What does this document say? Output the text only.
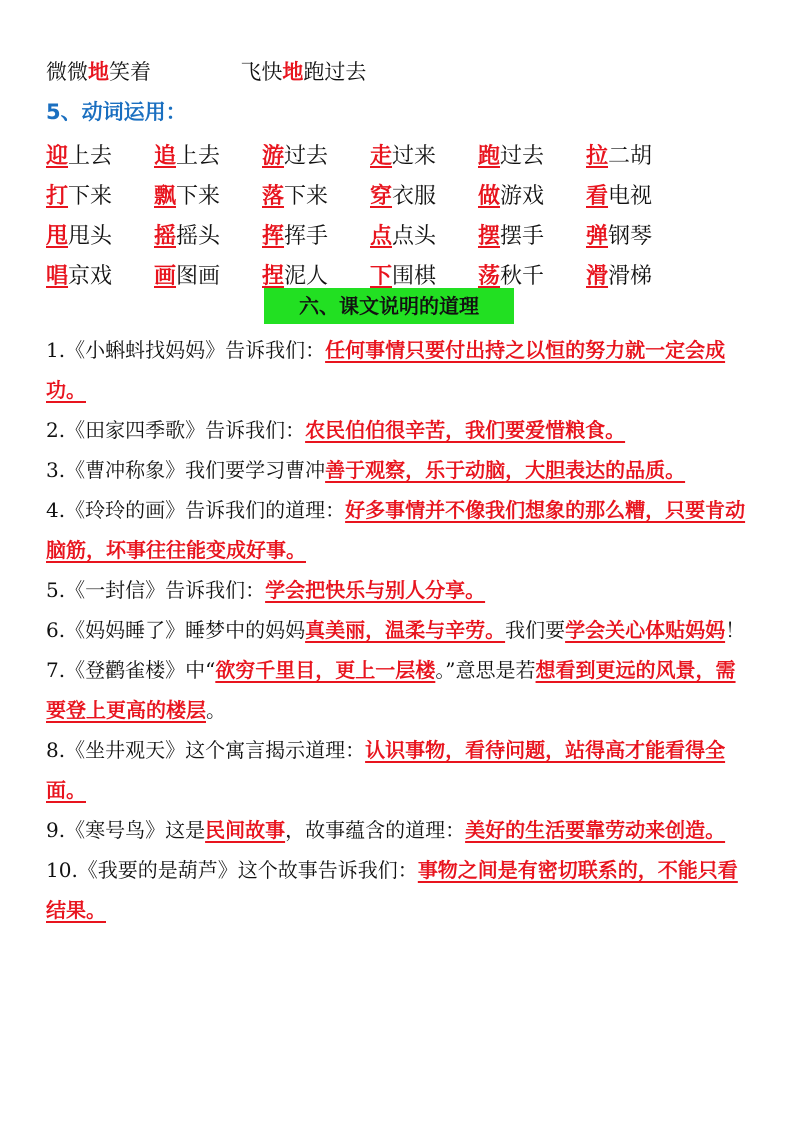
微微地笑着	飞快地跑过去
5、动词运用：
迎上去	追上去	游过去	走过来	跑过去	拉二胡
打下来	飘下来	落下来	穿衣服	做游戏	看电视
甩甩头	摇摇头	挥挥手	点点头	摆摆手	弹钢琴
唱京戏	画图画	捏泥人	下围棋	荡秋千	滑滑梯
六、课文说明的道理
1.《小蝌蚪找妈妈》告诉我们：任何事情只要付出持之以恒的努力就一定会成功。
2.《田家四季歌》告诉我们：农民伯伯很辛苦，我们要爱惜粮食。
3.《曹冲称象》我们要学习曹冲善于观察，乐于动脑，大胆表达的品质。
4.《玲玲的画》告诉我们的道理：好多事情并不像我们想象的那么糟，只要肯动脑筋，坏事往往能变成好事。
5.《一封信》告诉我们：学会把快乐与别人分享。
6.《妈妈睡了》睡梦中的妈妈真美丽，温柔与辛劳。我们要学会关心体贴妈妈！
7.《登鹳雀楼》中“欲穷千里目，更上一层楼。”意思是若想看到更远的风景，需要登上更高的楼层。
8.《坐井观天》这个寓言揭示道理：认识事物，看待问题，站得高才能看得全面。
9.《寒号鸟》这是民间故事，故事蕴含的道理：美好的生活要靠劳动来创造。
10.《我要的是葫芦》这个故事告诉我们：事物之间是有密切联系的，不能只看结果。
